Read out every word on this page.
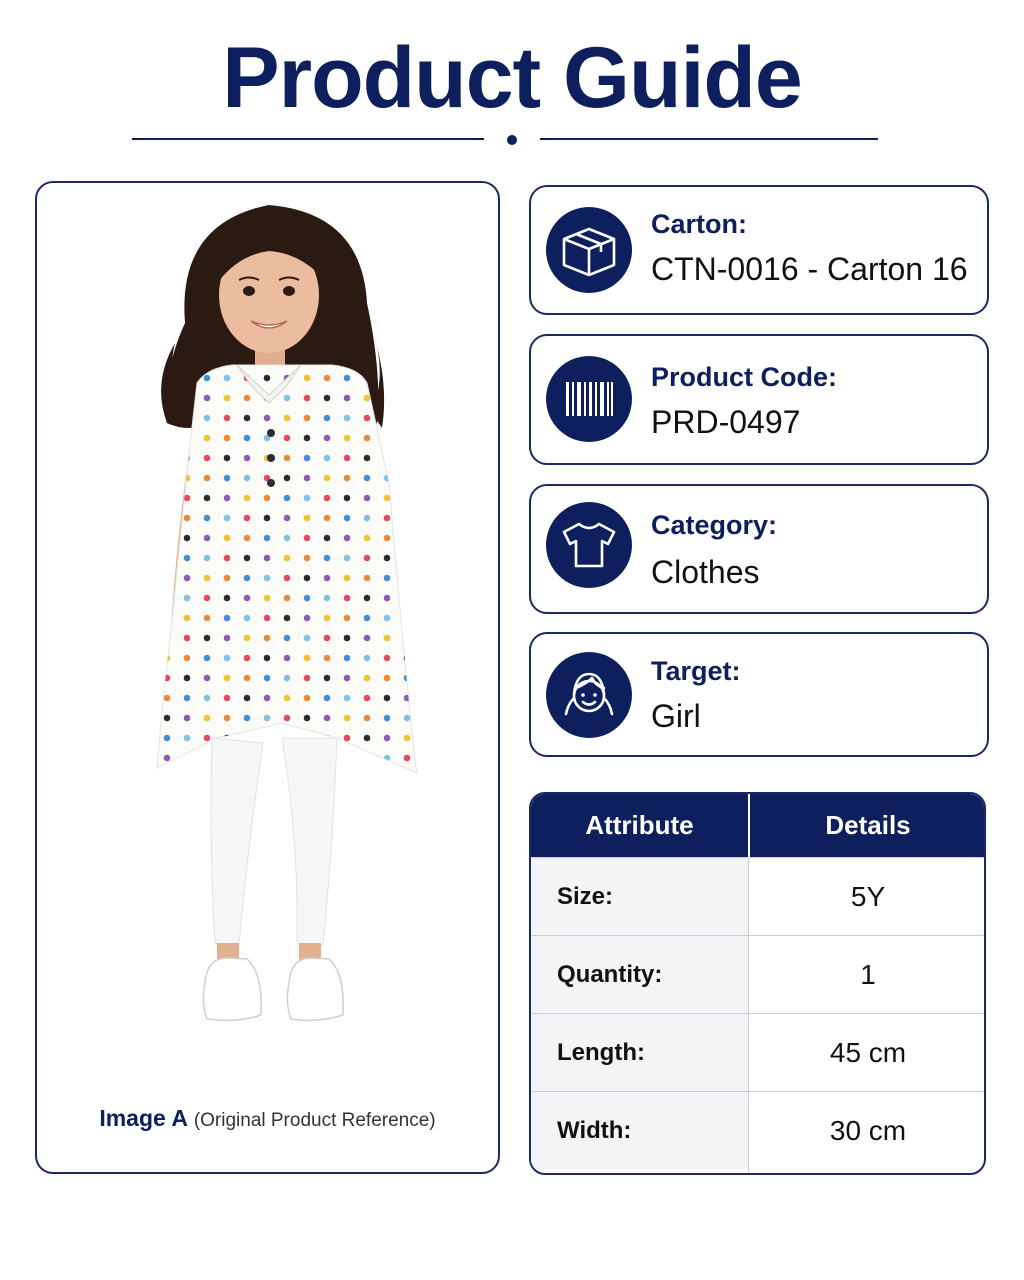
Product Guide
Image A (Original Product Reference)
Carton:
CTN-0016 - Carton 16
Product Code:
PRD-0497
Category:
Clothes
Target:
Girl
Attribute	Details
Size:	5Y
Quantity:	1
Length:	45 cm
Width:	30 cm
